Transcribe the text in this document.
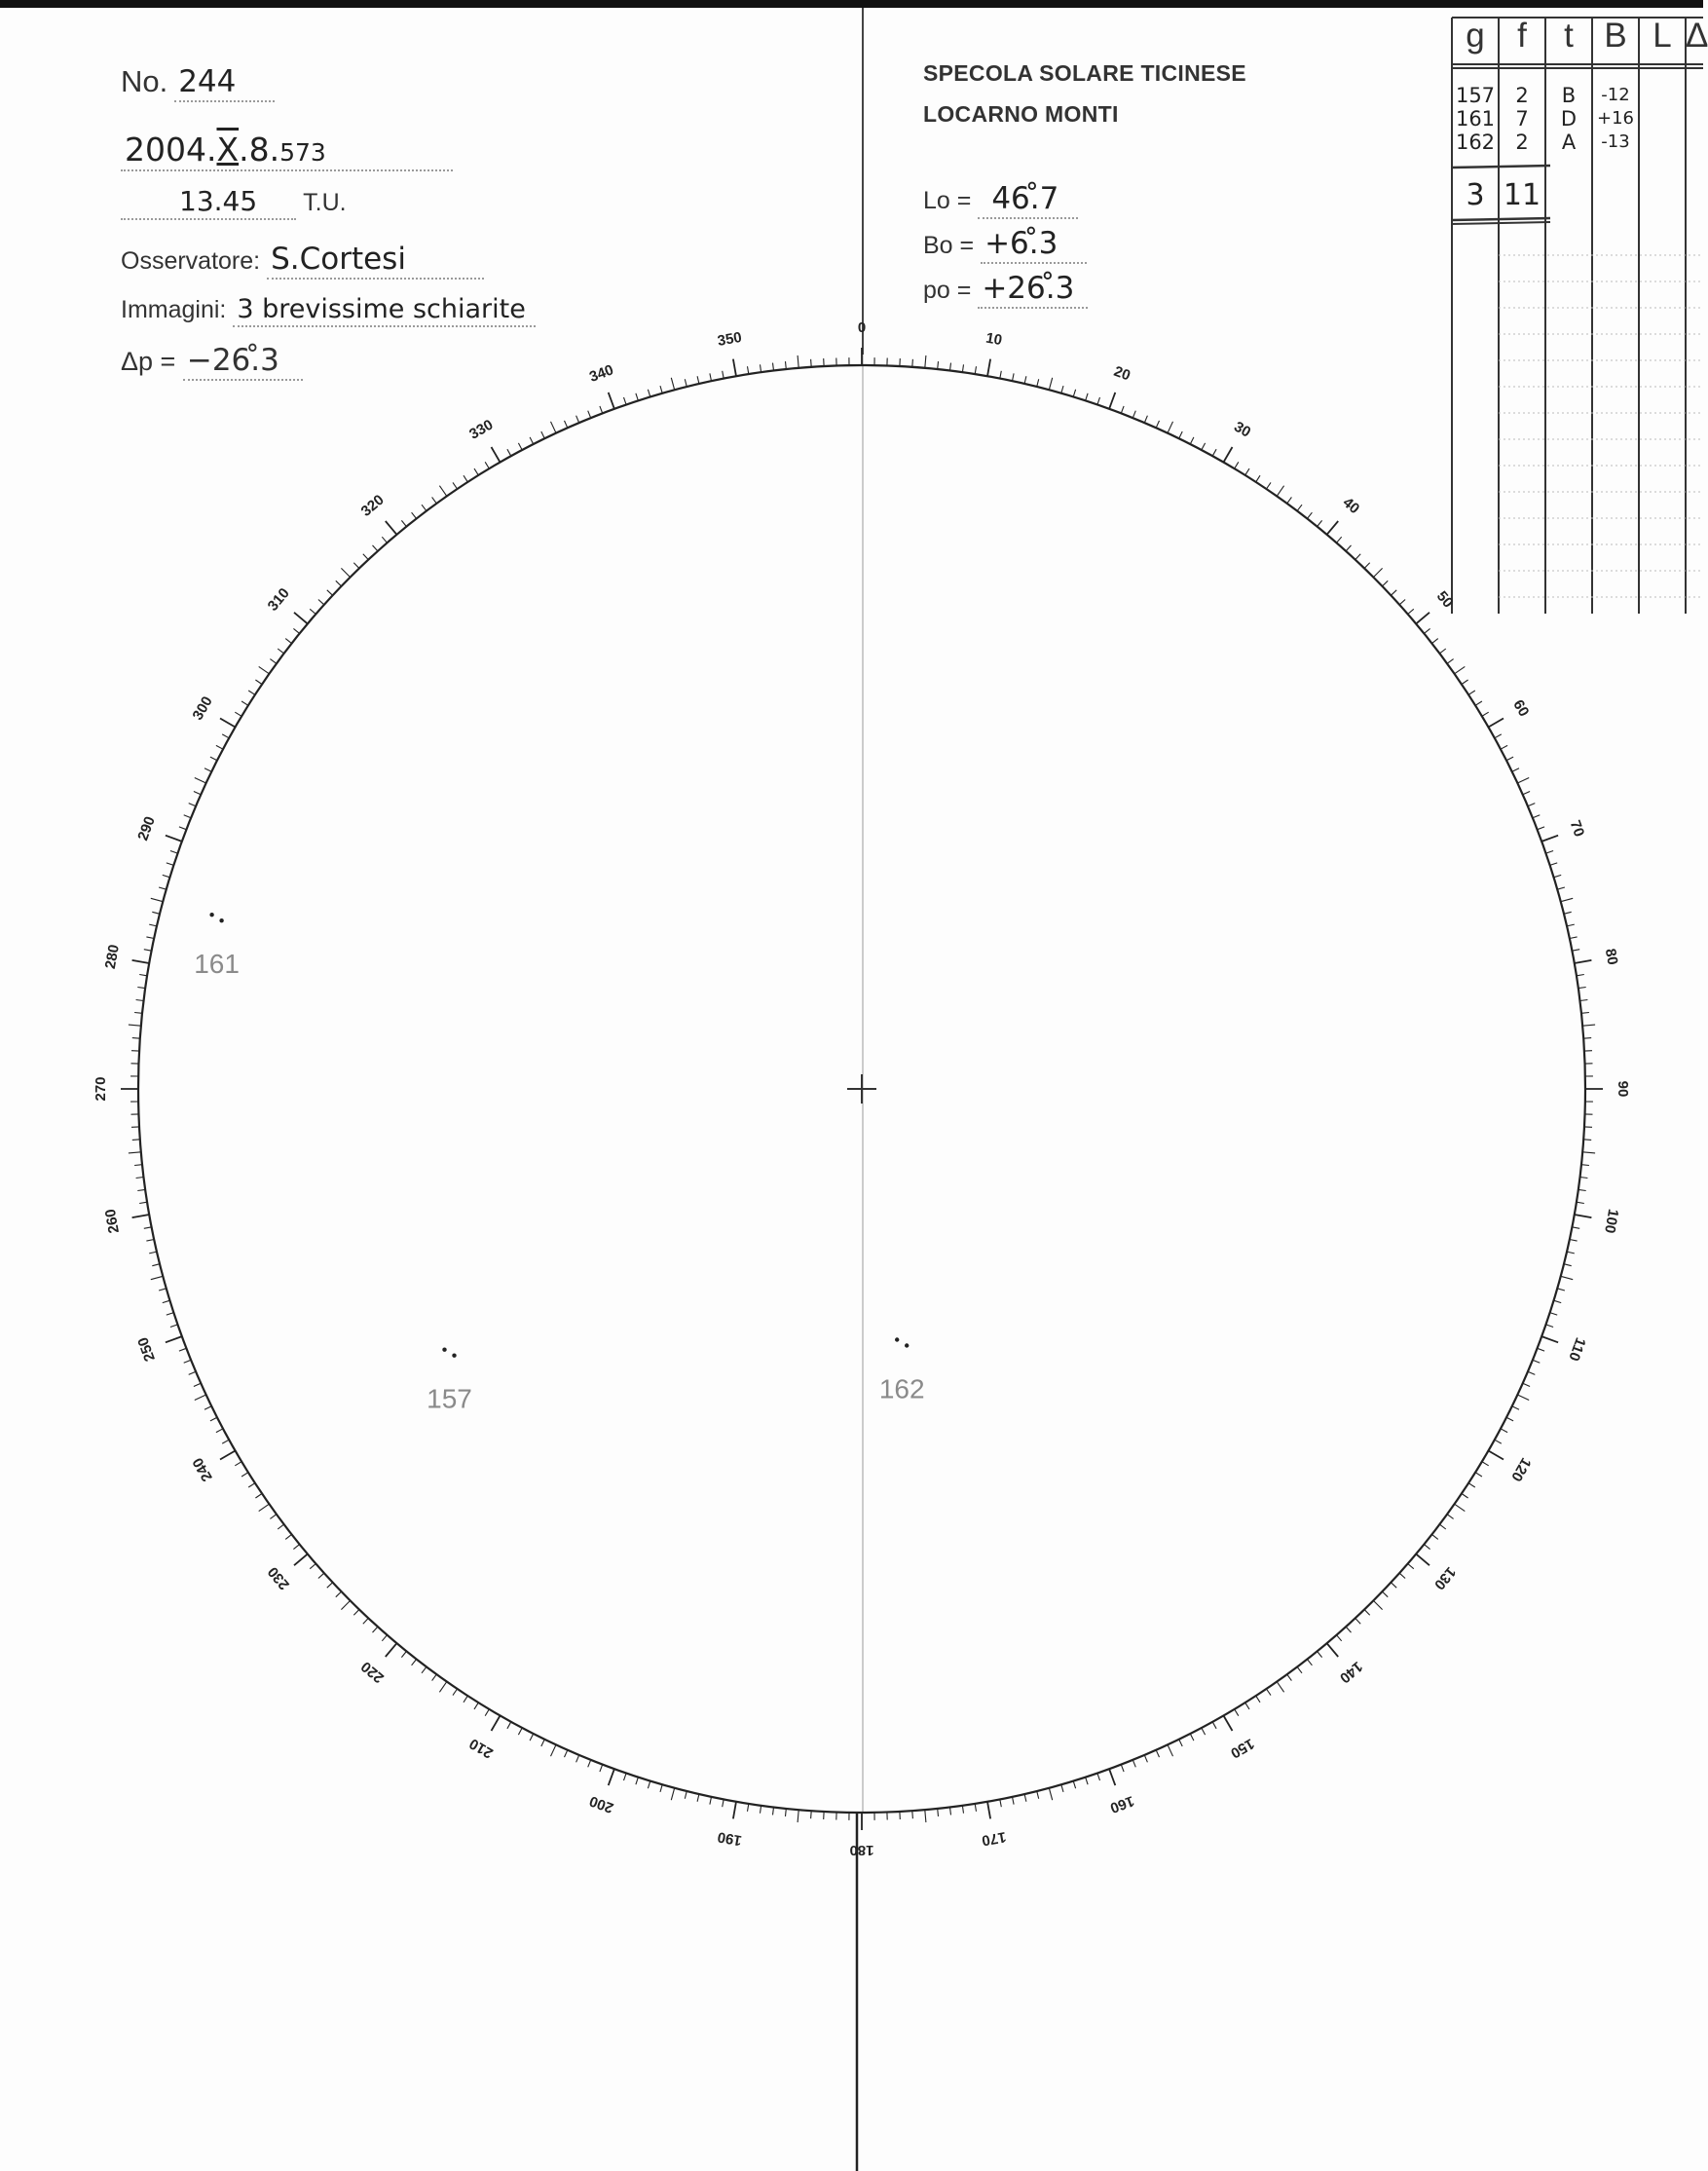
No. 244
2004.X.8.573
13.45 T.U.
Osservatore: S.Cortesi
Immagini: 3 brevissime schiarite
Δp = −26.̊3
SPECOLA SOLARE TICINESE
LOCARNO MONTI
Lo = 46.̊7
Bo = +6.̊3
po = +26.̊3
g f	t B L Δ
157	2	B	-12
161	7	D	+16
162	2	A	-13
3 11
0
10
20
30
40
50
60
70
80
90
100
110
120
130
140
150
160
170
180
190
200
210
220
230
240
250
260
270
280
290
300
310
320
330
340
350
161
157	162
